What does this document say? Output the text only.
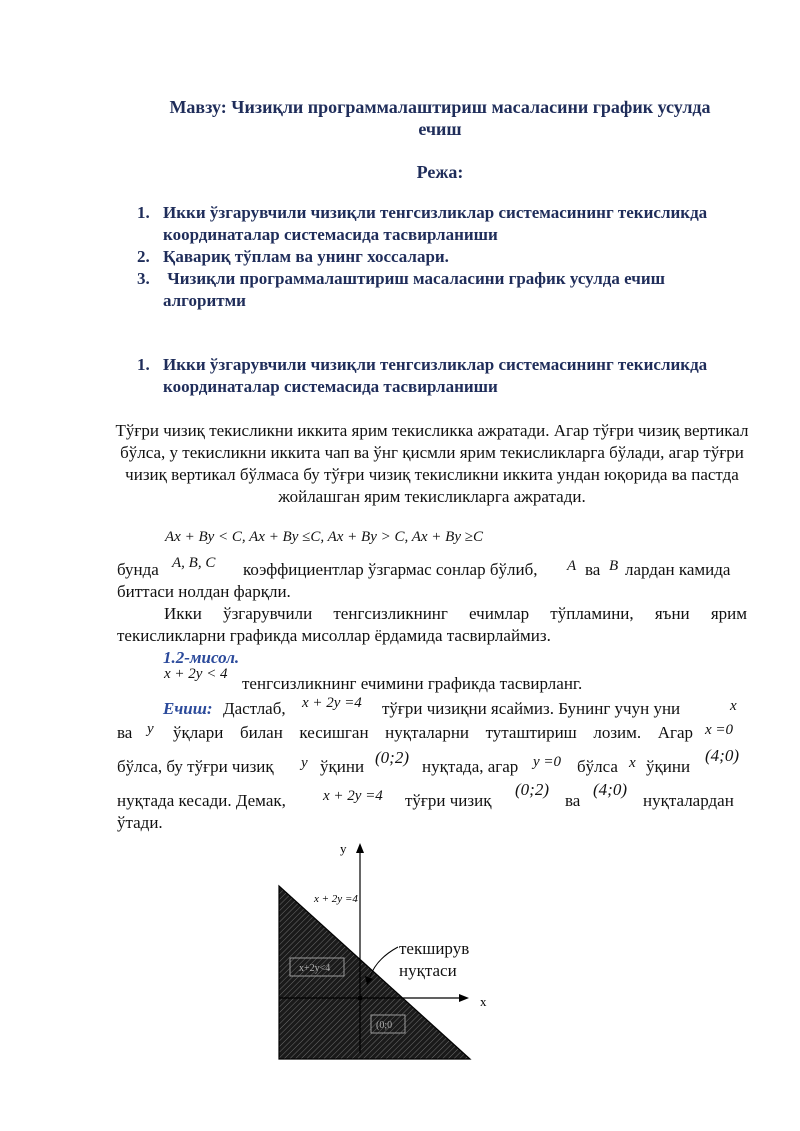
Мавзу: Чизиқли программалаштириш масаласини график усулда ечиш
Режа:
1. Икки ўзгарувчили чизиқли тенгсизликлар системасининг текисликда координаталар системасида тасвирланиши
2. Қавариқ тўплам ва унинг хоссалари.
3. Чизиқли программалаштириш масаласини график усулда ечиш алгоритми
1. Икки ўзгарувчили чизиқли тенгсизликлар системасининг текисликда координаталар системасида тасвирланиши
Тўғри чизиқ текисликни иккита ярим текисликка ажратади. Агар тўғри чизиқ вертикал бўлса, у текисликни иккита чап ва ўнг қисмли ярим текисликларга бўлади, агар тўғри чизиқ вертикал бўлмаса бу тўғри чизиқ текисликни иккита ундан юқорида ва пастда жойлашган ярим текисликларга ажратади.
Ax + By < C, Ax + By ≤C, Ax + By > C, Ax + By ≥C
бунда A, B, C коэффициентлар ўзгармас сонлар бўлиб, A ва B лардан камида
биттаси нолдан фарқли.
Икки ўзгарувчили тенгсизликнинг ечимлар тўпламини, яъни ярим
текисликларни графикда мисоллар ёрдамида тасвирлаймиз.
1.2-мисол.
x + 2y < 4 тенгсизликнинг ечимини графикда тасвирланг.
Ечиш: Дастлаб, x + 2y =4 тўғри чизиқни ясаймиз. Бунинг учун уни	x
ва y ўқлари билан кесишган нуқталарни туташтириш лозим. Агар x =0
бўлса, бу тўғри чизиқ y ўқини (0;2) нуқтада, агар y =0 бўлса x ўқини
(4;0)
нуқтада кесади. Демак, x + 2y =4 тўғри чизиқ
(0;2)
ва
(4;0)
нуқталардан
ўтади.
y
x
x + 2y =4
x+2y<4
(0;0
текширув
нуқтаси
